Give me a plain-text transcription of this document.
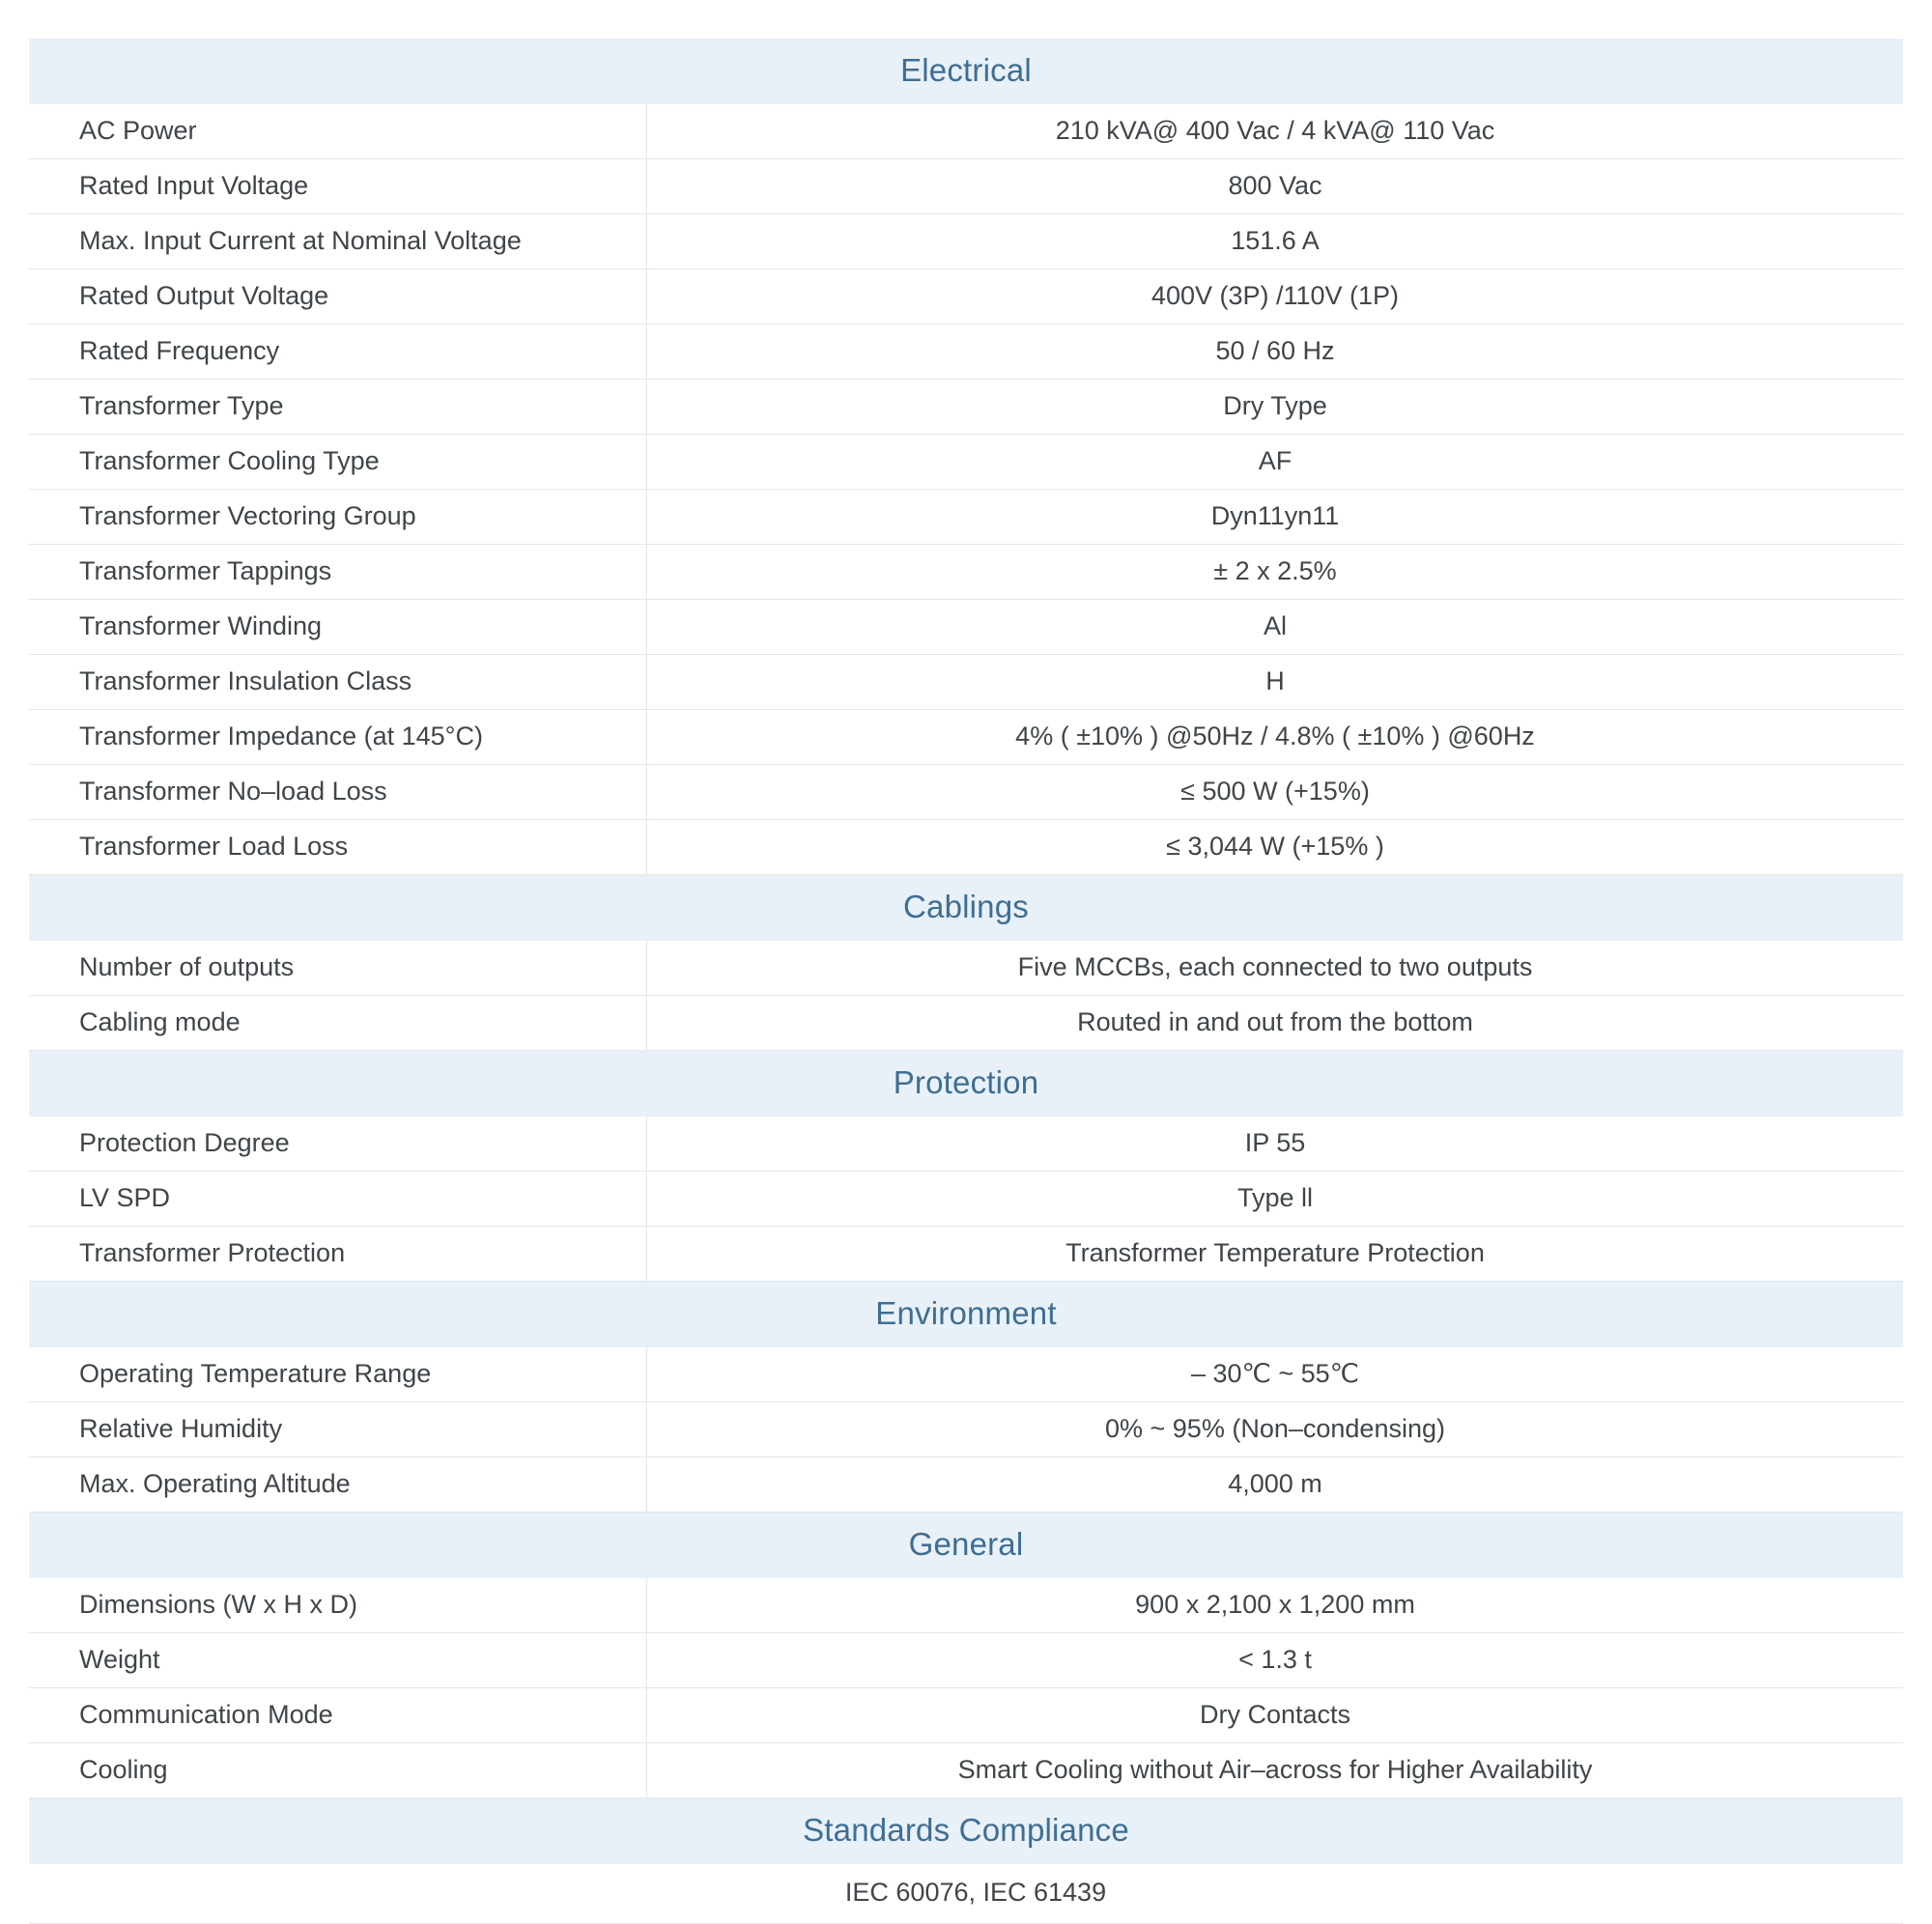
Electrical
AC Power	210 kVA@ 400 Vac / 4 kVA@ 110 Vac
Rated Input Voltage	800 Vac
Max. Input Current at Nominal Voltage	151.6 A
Rated Output Voltage	400V (3P) /110V (1P)
Rated Frequency	50 / 60 Hz
Transformer Type	Dry Type
Transformer Cooling Type	AF
Transformer Vectoring Group	Dyn11yn11
Transformer Tappings	± 2 x 2.5%
Transformer Winding	Al
Transformer Insulation Class	H
Transformer Impedance (at 145°C)	4% ( ±10% ) @50Hz / 4.8% ( ±10% ) @60Hz
Transformer No–load Loss	≤ 500 W (+15%)
Transformer Load Loss	≤ 3,044 W (+15% )
Cablings
Number of outputs	Five MCCBs, each connected to two outputs
Cabling mode	Routed in and out from the bottom
Protection
Protection Degree	IP 55
LV SPD	Type ll
Transformer Protection	Transformer Temperature Protection
Environment
Operating Temperature Range	– 30℃ ~ 55℃
Relative Humidity	0% ~ 95% (Non–condensing)
Max. Operating Altitude	4,000 m
General
Dimensions (W x H x D)	900 x 2,100 x 1,200 mm
Weight	< 1.3 t
Communication Mode	Dry Contacts
Cooling	Smart Cooling without Air–across for Higher Availability
Standards Compliance
IEC 60076, IEC 61439
